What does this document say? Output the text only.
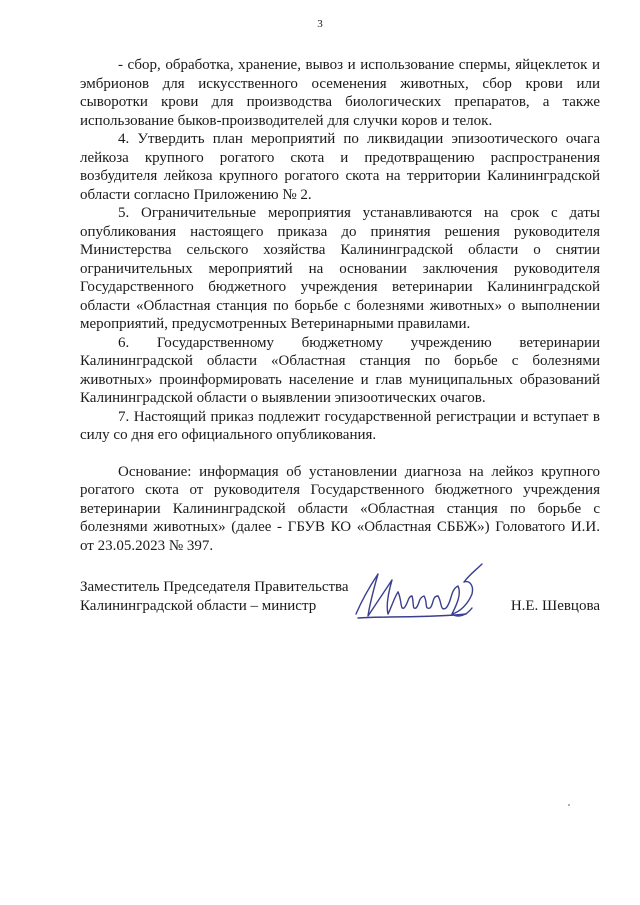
3

- сбор, обработка, хранение, вывоз и использование спермы, яйцеклеток и эмбрионов для искусственного осеменения животных, сбор крови или сыворотки крови для производства биологических препаратов, а также использование быков-производителей для случки коров и телок.

4. Утвердить план мероприятий по ликвидации эпизоотического очага лейкоза крупного рогатого скота и предотвращению распространения возбудителя лейкоза крупного рогатого скота на территории Калининградской области согласно Приложению № 2.

5. Ограничительные мероприятия устанавливаются на срок с даты опубликования настоящего приказа до принятия решения руководителя Министерства сельского хозяйства Калининградской области о снятии ограничительных мероприятий на основании заключения руководителя Государственного бюджетного учреждения ветеринарии Калининградской области «Областная станция по борьбе с болезнями животных» о выполнении мероприятий, предусмотренных Ветеринарными правилами.

6. Государственному бюджетному учреждению ветеринарии Калининградской области «Областная станция по борьбе с болезнями животных» проинформировать население и глав муниципальных образований Калининградской области о выявлении эпизоотических очагов.

7. Настоящий приказ подлежит государственной регистрации и вступает в силу со дня его официального опубликования.

Основание: информация об установлении диагноза на лейкоз крупного рогатого скота от руководителя Государственного бюджетного учреждения ветеринарии Калининградской области «Областная станция по борьбе с болезнями животных» (далее - ГБУВ КО «Областная СББЖ») Головатого И.И. от 23.05.2023 № 397.

Заместитель Председателя Правительства
Калининградской области – министр	Н.Е. Шевцова
